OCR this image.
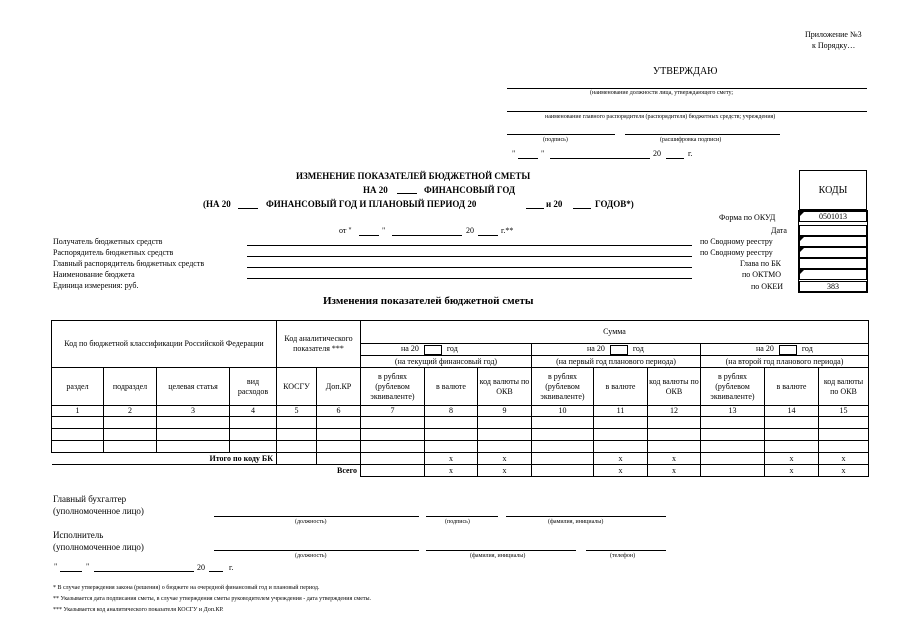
Приложение №3
к Порядку…
УТВЕРЖДАЮ
(наименование должности лица, утверждающего смету;
наименование главного распорядителя (распорядителя) бюджетных средств; учреждения)
(подпись)	(расшифровка подписи)
"	"	20	г.
ИЗМЕНЕНИЕ ПОКАЗАТЕЛЕЙ БЮДЖЕТНОЙ СМЕТЫ
НА 20	ФИНАНСОВЫЙ ГОД
(НА 20	ФИНАНСОВЫЙ ГОД И ПЛАНОВЫЙ ПЕРИОД 20	и 20	ГОДОВ*)
от "	"	20	г.**
КОДЫ
Форма по ОКУД	0501013
Дата
по Сводному реестру
по Сводному реестру
Глава по БК
по ОКТМО
по ОКЕИ	383
Получатель бюджетных средств
Распорядитель бюджетных средств
Главный распорядитель бюджетных средств
Наименование бюджета
Единица измерения: руб.
Изменения показателей бюджетной сметы
Код по бюджетной классификации Российской Федерации				Код аналитического показателя ***		Сумма								
						на 20 год			на 20 год			на 20 год		
						(на текущий финансовый год)			(на первый год планового периода)			(на второй год планового периода)		
раздел	подраздел	целевая статья	вид расходов	КОСГУ	Доп.КР	в рублях (рублевом эквиваленте)	в валюте	код валюты по ОКВ	в рублях (рублевом эквиваленте)	в валюте	код валюты по ОКВ	в рублях (рублевом эквиваленте)	в валюте	код валюты по ОКВ
1	2	3	4	5	6	7	8	9	10	11	12	13	14	15

Итого по коду БК							x	x		x	x		x	x
Всего							x	x		x	x		x	x
Главный бухгалтер
(уполномоченное лицо)
(должность)	(подпись)	(фамилия, инициалы)
Исполнитель
(уполномоченное лицо)
(должность)	(фамилия, инициалы)	(телефон)
"	"	20	г.
* В случае утверждения закона (решения) о бюджете на очередной финансовый год и плановый период.
** Указывается дата подписания сметы, в случае утверждения сметы руководителем учреждения - дата утверждения сметы.
*** Указывается код аналитического показателя КОСГУ и Доп.КР.
